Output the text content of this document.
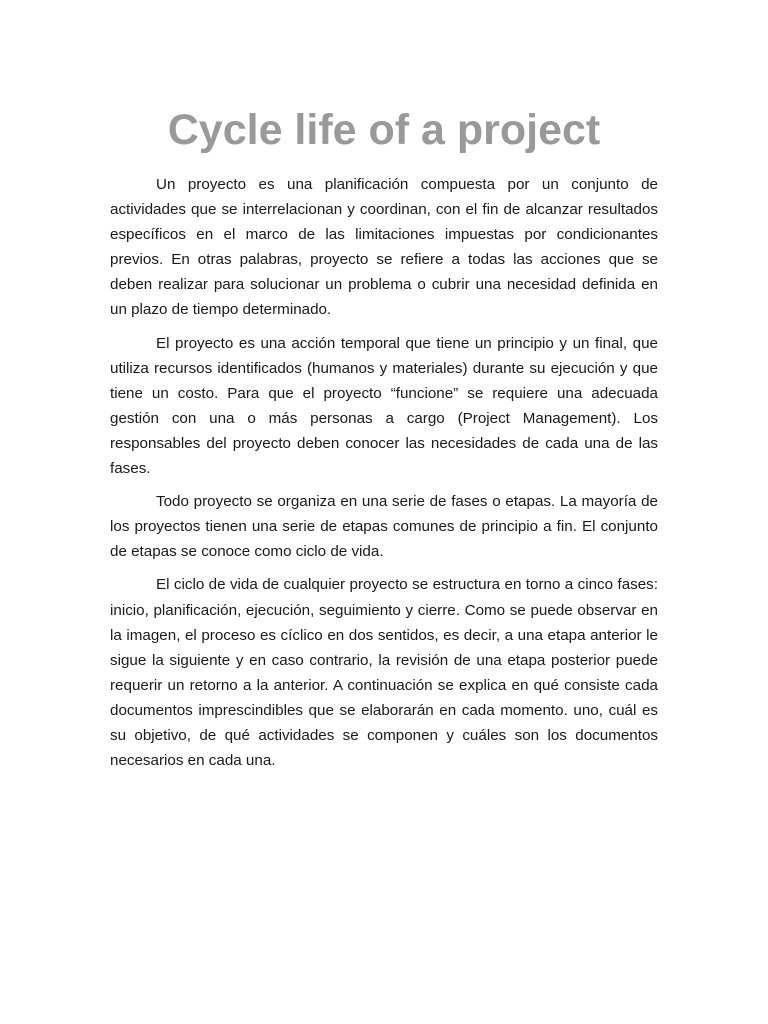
Cycle life of a project

Un proyecto es una planificación compuesta por un conjunto de actividades que se interrelacionan y coordinan, con el fin de alcanzar resultados específicos en el marco de las limitaciones impuestas por condicionantes previos. En otras palabras, proyecto se refiere a todas las acciones que se deben realizar para solucionar un problema o cubrir una necesidad definida en un plazo de tiempo determinado.

El proyecto es una acción temporal que tiene un principio y un final, que utiliza recursos identificados (humanos y materiales) durante su ejecución y que tiene un costo. Para que el proyecto “funcione” se requiere una adecuada gestión con una o más personas a cargo (Project Management). Los responsables del proyecto deben conocer las necesidades de cada una de las fases.

Todo proyecto se organiza en una serie de fases o etapas. La mayoría de los proyectos tienen una serie de etapas comunes de principio a fin. El conjunto de etapas se conoce como ciclo de vida.

El ciclo de vida de cualquier proyecto se estructura en torno a cinco fases: inicio, planificación, ejecución, seguimiento y cierre. Como se puede observar en la imagen, el proceso es cíclico en dos sentidos, es decir, a una etapa anterior le sigue la siguiente y en caso contrario, la revisión de una etapa posterior puede requerir un retorno a la anterior. A continuación se explica en qué consiste cada documentos imprescindibles que se elaborarán en cada momento. uno, cuál es su objetivo, de qué actividades se componen y cuáles son los documentos necesarios en cada una.
